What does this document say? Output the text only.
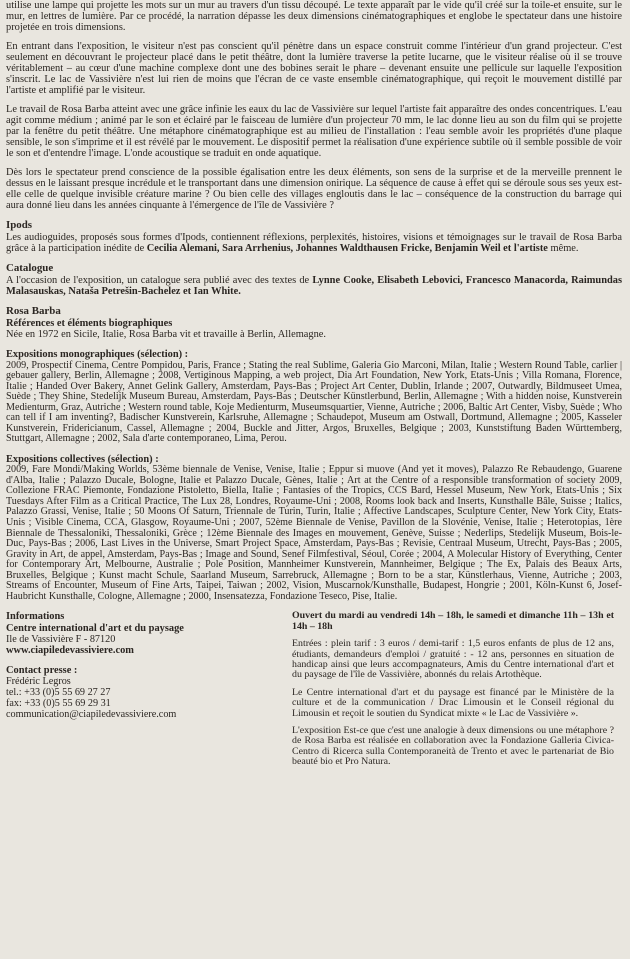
utilise une lampe qui projette les mots sur un mur au travers d'un tissu découpé. Le texte apparaît par le vide qu'il créé sur la toile-et ensuite, sur le mur, en lettres de lumière. Par ce procédé, la narration dépasse les deux dimensions cinématographiques et englobe le spectateur dans une histoire projetée en trois dimensions.

En entrant dans l'exposition, le visiteur n'est pas conscient qu'il pénètre dans un espace construit comme l'intérieur d'un grand projecteur. C'est seulement en découvrant le projecteur placé dans le petit théâtre, dont la lumière traverse la petite lucarne, que le visiteur réalise où il se trouve véritablement – au cœur d'une machine complexe dont une des bobines serait le phare – devenant ensuite une pellicule sur laquelle l'exposition s'inscrit. Le lac de Vassivière n'est lui rien de moins que l'écran de ce vaste ensemble cinématographique, qui reçoit le mouvement distillé par l'artiste et amplifié par le visiteur.

Le travail de Rosa Barba atteint avec une grâce infinie les eaux du lac de Vassivière sur lequel l'artiste fait apparaître des ondes concentriques. L'eau agit comme médium ; animé par le son et éclairé par le faisceau de lumière d'un projecteur 70 mm, le lac donne lieu au son du film qui se projette par la fenêtre du petit théâtre. Une métaphore cinématographique est au milieu de l'installation : l'eau semble avoir les propriétés d'une plaque sensible, le son s'imprime et il est révélé par le mouvement. Le dispositif permet la réalisation d'une expérience subtile où il semble possible de voir le son et d'entendre l'image. L'onde acoustique se traduit en onde aquatique.

Dès lors le spectateur prend conscience de la possible égalisation entre les deux éléments, son sens de la surprise et de la merveille prennent le dessus en le laissant presque incrédule et le transportant dans une dimension onirique. La séquence de cause à effet qui se déroule sous ses yeux est-elle celle de quelque invisible créature marine ? Ou bien celle des villages engloutis dans le lac – conséquence de la construction du barrage qui aura donné lieu dans les années cinquante à l'émergence de l'île de Vassivière ?

Ipods

Les audioguides, proposés sous formes d'Ipods, contiennent réflexions, perplexités, histoires, visions et témoignages sur le travail de Rosa Barba grâce à la participation inédite de Cecilia Alemani, Sara Arrhenius, Johannes Waldthausen Fricke, Benjamin Weil et l'artiste même.

Catalogue

A l'occasion de l'exposition, un catalogue sera publié avec des textes de Lynne Cooke, Elisabeth Lebovici, Francesco Manacorda, Raimundas Malasauskas, Nataša Petrešin-Bachelez et Ian White.

Rosa Barba
Références et éléments biographiques

Née en 1972 en Sicile, Italie, Rosa Barba vit et travaille à Berlin, Allemagne.

Expositions monographiques (sélection) :

2009, Prospectif Cinema, Centre Pompidou, Paris, France ; Stating the real Sublime, Galeria Gio Marconi, Milan, Italie ; Western Round Table, carlier | gebauer gallery, Berlin, Allemagne ; 2008, Vertiginous Mapping, a web project, Dia Art Foundation, New York, Etats-Unis ; Villa Romana, Florence, Italie ; Handed Over Bakery, Annet Gelink Gallery, Amsterdam, Pays-Bas ; Project Art Center, Dublin, Irlande ; 2007, Outwardly, Bildmuseet Umea, Suède ; They Shine, Stedelijk Museum Bureau, Amsterdam, Pays-Bas ; Deutscher Künstlerbund, Berlin, Allemagne ; With a hidden noise, Kunstverein Medienturm, Graz, Autriche ; Western round table, Koje Medienturm, Museumsquartier, Vienne, Autriche ; 2006, Baltic Art Center, Visby, Suède ; Who can tell if I am inventing?, Badischer Kunstverein, Karlsruhe, Allemagne ; Schaudepot, Museum am Ostwall, Dortmund, Allemagne ; 2005, Kasseler Kunstverein, Fridericianum, Cassel, Allemagne ; 2004, Buckle and Jitter, Argos, Bruxelles, Belgique ; 2003, Kunststiftung Baden Württemberg, Stuttgart, Allemagne ; 2002, Sala d'arte contemporaneo, Lima, Perou.

Expositions collectives (sélection) :

2009, Fare Mondi/Making Worlds, 53ème biennale de Venise, Venise, Italie ; Eppur si muove (And yet it moves), Palazzo Re Rebaudengo, Guarene d'Alba, Italie ; Palazzo Ducale, Bologne, Italie et Palazzo Ducale, Gènes, Italie ; Art at the Centre of a responsible transformation of society 2009, Collezione FRAC Piemonte, Fondazione Pistoletto, Biella, Italie ; Fantasies of the Tropics, CCS Bard, Hessel Museum, New York, Etats-Unis ; Six Tuesdays After Film as a Critical Practice, The Lux 28, Londres, Royaume-Uni ; 2008, Rooms look back and Inserts, Kunsthalle Bâle, Suisse ; Italics, Palazzo Grassi, Venise, Italie ; 50 Moons Of Saturn, Triennale de Turin, Turin, Italie ; Affective Landscapes, Sculpture Center, New York City, Etats-Unis ; Visible Cinema, CCA, Glasgow, Royaume-Uni ; 2007, 52ème Biennale de Venise, Pavillon de la Slovénie, Venise, Italie ; Heterotopias, 1ère Biennale de Thessaloniki, Thessaloniki, Grèce ; 12ème Biennale des Images en mouvement, Genève, Suisse ; Nederlips, Stedelijk Museum, Bois-le-Duc, Pays-Bas ; 2006, Last Lives in the Universe, Smart Project Space, Amsterdam, Pays-Bas ; Revisie, Centraal Museum, Utrecht, Pays-Bas ; 2005, Gravity in Art, de appel, Amsterdam, Pays-Bas ; Image and Sound, Senef Filmfestival, Séoul, Corée ; 2004, A Molecular History of Everything, Center for Contemporary Art, Melbourne, Australie ; Pole Position, Mannheimer Kunstverein, Mannheimer, Belgique ; The Ex, Palais des Beaux Arts, Bruxelles, Belgique ; Kunst macht Schule, Saarland Museum, Sarrebruck, Allemagne ; Born to be a star, Künstlerhaus, Vienne, Autriche ; 2003, Streams of Encounter, Museum of Fine Arts, Taipei, Taiwan ; 2002, Vision, Muscarnok/Kunsthalle, Budapest, Hongrie ; 2001, Köln-Kunst 6, Josef-Haubricht Kunsthalle, Cologne, Allemagne ; 2000, Insensatezza, Fondazione Teseco, Pise, Italie.

Informations
Centre international d'art et du paysage

Ile de Vassivière F - 87120

www.ciapiledevassiviere.com
Contact presse :

Frédéric Legros

tel.: +33 (0)5 55 69 27 27

fax: +33 (0)5 55 69 29 31

communication@ciapiledevassiviere.com

Ouvert du mardi au vendredi 14h – 18h, le samedi et dimanche 11h – 13h et 14h – 18h

Entrées : plein tarif : 3 euros / demi-tarif : 1,5 euros enfants de plus de 12 ans, étudiants, demandeurs d'emploi / gratuité : - 12 ans, personnes en situation de handicap ainsi que leurs accompagnateurs, Amis du Centre international d'art et du paysage de l'île de Vassivière, abonnés du relais Artothèque.

Le Centre international d'art et du paysage est financé par le Ministère de la culture et de la communication / Drac Limousin et le Conseil régional du Limousin et reçoit le soutien du Syndicat mixte « le Lac de Vassivière ».

L'exposition Est-ce que c'est une analogie à deux dimensions ou une métaphore ? de Rosa Barba est réalisée en collaboration avec la Fondazione Galleria Civica-Centro di Ricerca sulla Contemporaneità de Trento et avec le partenariat de Bio beauté bio et Pro Natura.
